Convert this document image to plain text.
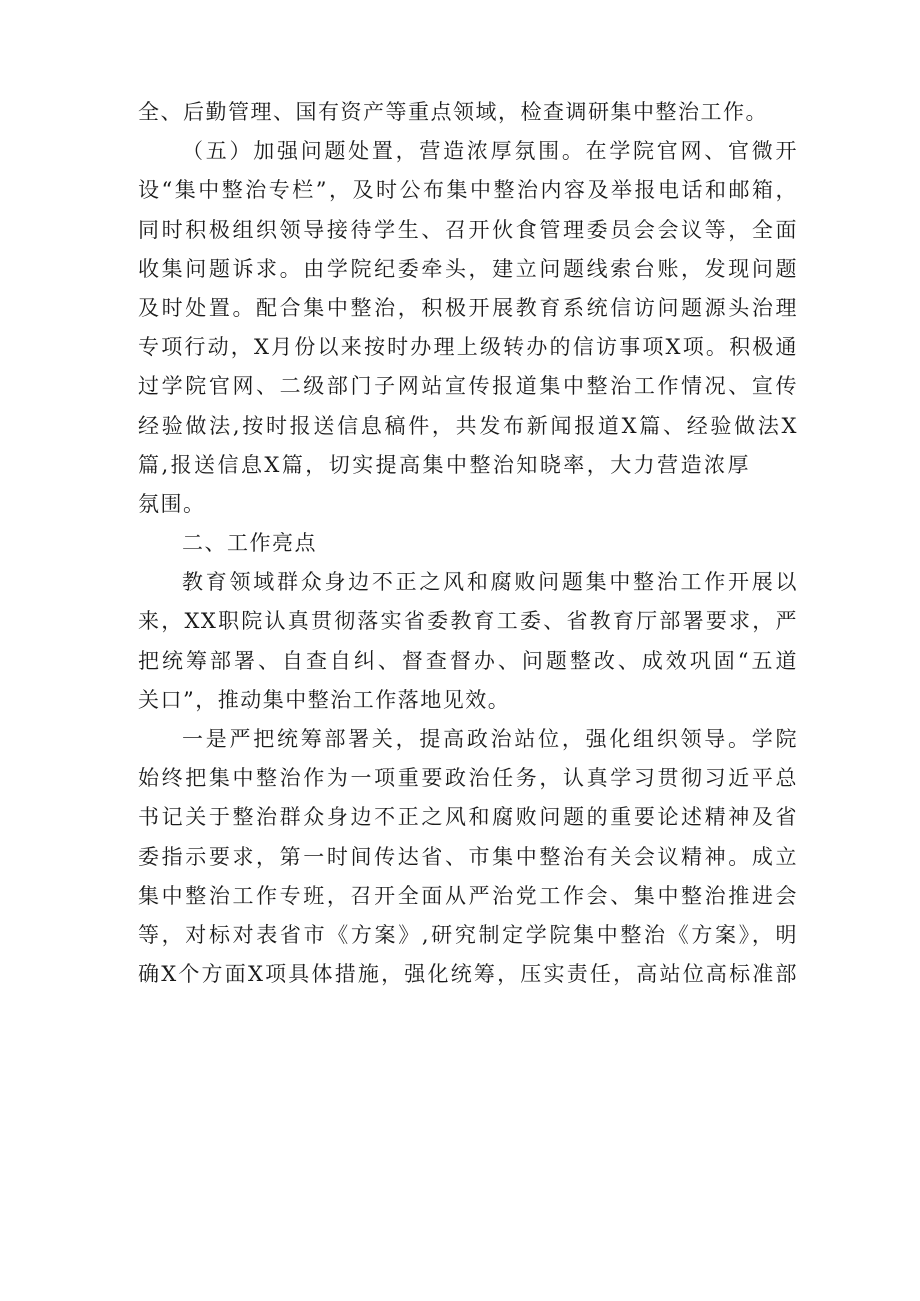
全、后勤管理、国有资产等重点领域，检查调研集中整治工作。
（五）加强问题处置，营造浓厚氛围。在学院官网、官微开
设“集中整治专栏”，及时公布集中整治内容及举报电话和邮箱，
同时积极组织领导接待学生、召开伙食管理委员会会议等，全面
收集问题诉求。由学院纪委牵头，建立问题线索台账，发现问题
及时处置。配合集中整治，积极开展教育系统信访问题源头治理
专项行动，X月份以来按时办理上级转办的信访事项X项。积极通
过学院官网、二级部门子网站宣传报道集中整治工作情况、宣传
经验做法,按时报送信息稿件，共发布新闻报道X篇、经验做法X
篇,报送信息X篇，切实提高集中整治知晓率，大力营造浓厚
氛围。
二、工作亮点
教育领域群众身边不正之风和腐败问题集中整治工作开展以
来，XX职院认真贯彻落实省委教育工委、省教育厅部署要求，严
把统筹部署、自查自纠、督查督办、问题整改、成效巩固“五道
关口”，推动集中整治工作落地见效。
一是严把统筹部署关，提高政治站位，强化组织领导。学院
始终把集中整治作为一项重要政治任务，认真学习贯彻习近平总
书记关于整治群众身边不正之风和腐败问题的重要论述精神及省
委指示要求，第一时间传达省、市集中整治有关会议精神。成立
集中整治工作专班，召开全面从严治党工作会、集中整治推进会
等，对标对表省市《方案》,研究制定学院集中整治《方案》，明
确X个方面X项具体措施，强化统筹，压实责任，高站位高标准部
